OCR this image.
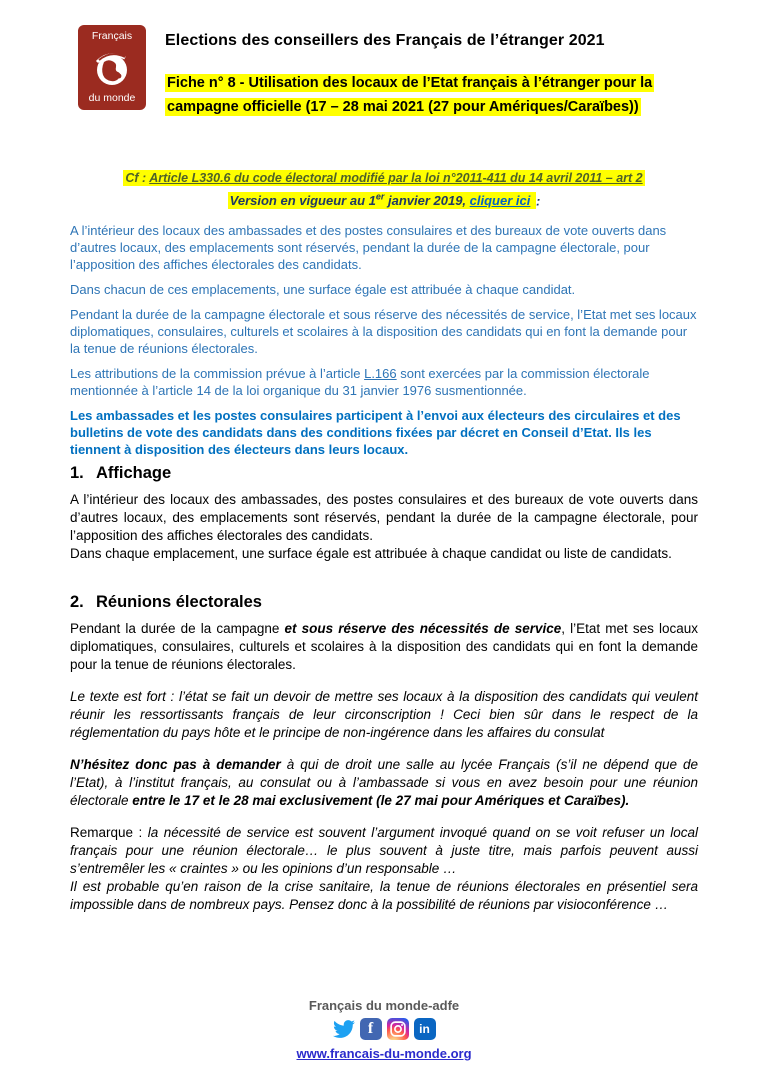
Français
du monde
Elections des conseillers des Français de l’étranger 2021
Fiche n° 8 - Utilisation des locaux de l’Etat français à l’étranger pour la campagne officielle (17 – 28 mai 2021 (27 pour Amériques/Caraïbes))
Cf : Article L330.6 du code électoral modifié par la loi n°2011-411 du 14 avril 2011 – art 2
Version en vigueur au 1er janvier 2019, cliquer ici :

A l’intérieur des locaux des ambassades et des postes consulaires et des bureaux de vote ouverts dans d’autres locaux, des emplacements sont réservés, pendant la durée de la campagne électorale, pour l’apposition des affiches électorales des candidats.

Dans chacun de ces emplacements, une surface égale est attribuée à chaque candidat.

Pendant la durée de la campagne électorale et sous réserve des nécessités de service, l’Etat met ses locaux diplomatiques, consulaires, culturels et scolaires à la disposition des candidats qui en font la demande pour la tenue de réunions électorales.

Les attributions de la commission prévue à l’article L.166 sont exercées par la commission électorale mentionnée à l’article 14 de la loi organique du 31 janvier 1976 susmentionnée.

Les ambassades et les postes consulaires participent à l’envoi aux électeurs des circulaires et des bulletins de vote des candidats dans des conditions fixées par décret en Conseil d’Etat. Ils les tiennent à disposition des électeurs dans leurs locaux.

1. Affichage

A l’intérieur des locaux des ambassades, des postes consulaires et des bureaux de vote ouverts dans d’autres locaux, des emplacements sont réservés, pendant la durée de la campagne électorale, pour l’apposition des affiches électorales des candidats.

Dans chaque emplacement, une surface égale est attribuée à chaque candidat ou liste de candidats.

2. Réunions électorales

Pendant la durée de la campagne et sous réserve des nécessités de service, l’Etat met ses locaux diplomatiques, consulaires, culturels et scolaires à la disposition des candidats qui en font la demande pour la tenue de réunions électorales.

Le texte est fort : l’état se fait un devoir de mettre ses locaux à la disposition des candidats qui veulent réunir les ressortissants français de leur circonscription ! Ceci bien sûr dans le respect de la réglementation du pays hôte et le principe de non-ingérence dans les affaires du consulat

N’hésitez donc pas à demander à qui de droit une salle au lycée Français (s’il ne dépend que de l’Etat), à l’institut français, au consulat ou à l’ambassade si vous en avez besoin pour une réunion électorale entre le 17 et le 28 mai exclusivement (le 27 mai pour Amériques et Caraïbes).

Remarque : la nécessité de service est souvent l’argument invoqué quand on se voit refuser un local français pour une réunion électorale… le plus souvent à juste titre, mais parfois peuvent aussi s’entremêler les « craintes » ou les opinions d’un responsable …
Il est probable qu’en raison de la crise sanitaire, la tenue de réunions électorales en présentiel sera impossible dans de nombreux pays. Pensez donc à la possibilité de réunions par visioconférence …
Français du monde-adfe
f	in
www.francais-du-monde.org
